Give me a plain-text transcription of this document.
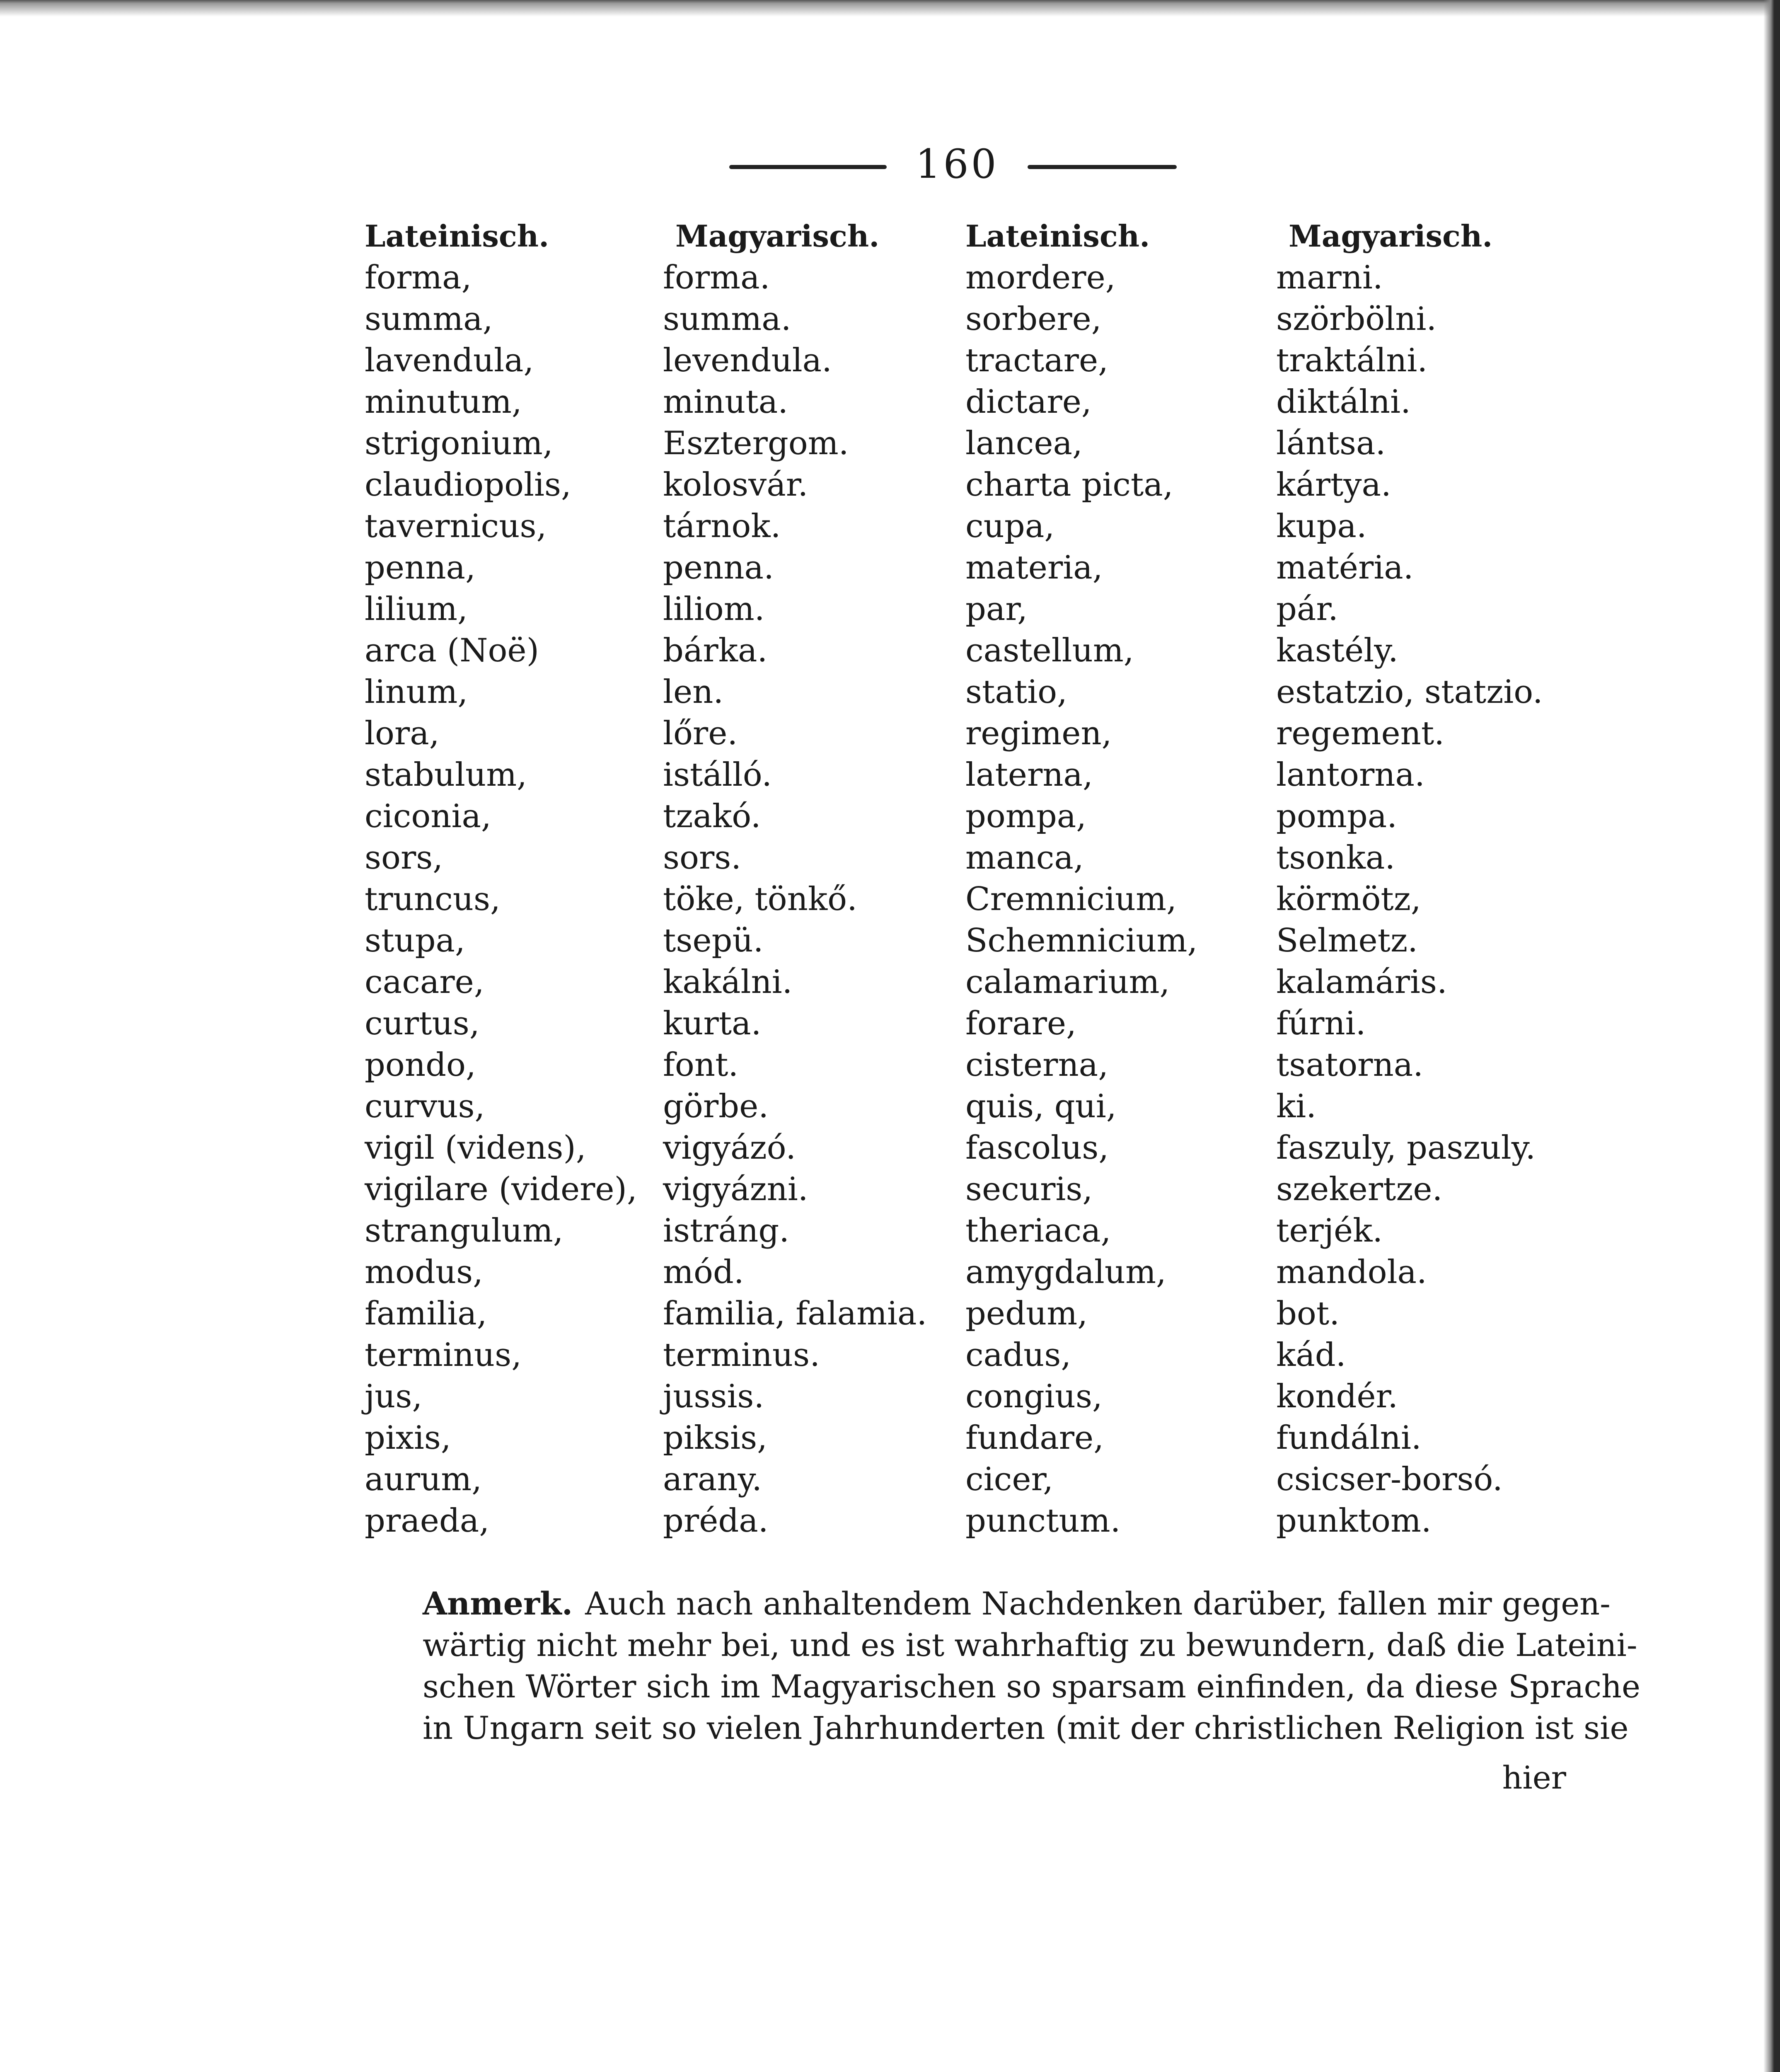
160
Lateinisch.
forma,
summa,
lavendula,
minutum,
strigonium,
claudiopolis,
tavernicus,
penna,
lilium,
arca (Noë)
linum,
lora,
stabulum,
ciconia,
sors,
truncus,
stupa,
cacare,
curtus,
pondo,
curvus,
vigil (videns),
vigilare (videre),
strangulum,
modus,
familia,
terminus,
jus,
pixis,
aurum,
praeda,
Magyarisch.
forma.
summa.
levendula.
minuta.
Esztergom.
kolosvár.
tárnok.
penna.
liliom.
bárka.
len.
lőre.
istálló.
tzakó.
sors.
töke, tönkő.
tsepü.
kakálni.
kurta.
font.
görbe.
vigyázó.
vigyázni.
istráng.
mód.
familia, falamia.
terminus.
jussis.
piksis,
arany.
préda.
Lateinisch.
mordere,
sorbere,
tractare,
dictare,
lancea,
charta picta,
cupa,
materia,
par,
castellum,
statio,
regimen,
laterna,
pompa,
manca,
Cremnicium,
Schemnicium,
calamarium,
forare,
cisterna,
quis, qui,
fascolus,
securis,
theriaca,
amygdalum,
pedum,
cadus,
congius,
fundare,
cicer,
punctum.
Magyarisch.
marni.
szörbölni.
traktálni.
diktálni.
lántsa.
kártya.
kupa.
matéria.
pár.
kastély.
estatzio, statzio.
regement.
lantorna.
pompa.
tsonka.
körmötz,
Selmetz.
kalamáris.
fúrni.
tsatorna.
ki.
faszuly, paszuly.
szekertze.
terjék.
mandola.
bot.
kád.
kondér.
fundálni.
csicser-borsó.
punktom.
Anmerk. Auch nach anhaltendem Nachdenken darüber, fallen mir gegen-
wärtig nicht mehr bei, und es ist wahrhaftig zu bewundern, daß die Lateini-
schen Wörter sich im Magyarischen so sparsam einfinden, da diese Sprache
in Ungarn seit so vielen Jahrhunderten (mit der christlichen Religion ist sie
hier
